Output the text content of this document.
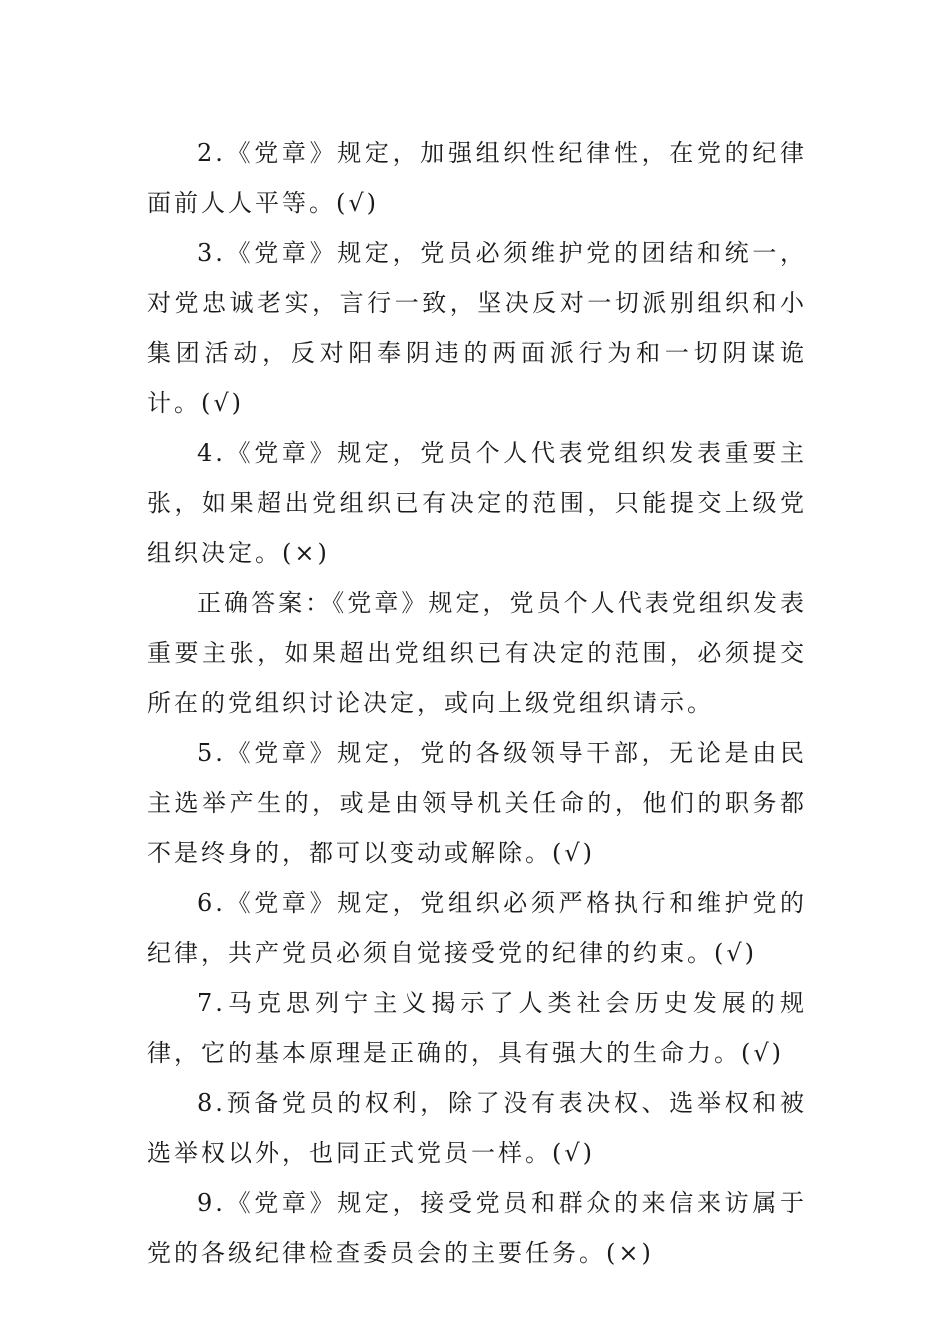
2.《党章》规定，加强组织性纪律性，在党的纪律面前人人平等。(√)

3.《党章》规定，党员必须维护党的团结和统一，对党忠诚老实，言行一致，坚决反对一切派别组织和小集团活动，反对阳奉阴违的两面派行为和一切阴谋诡计。(√)

4.《党章》规定，党员个人代表党组织发表重要主张，如果超出党组织已有决定的范围，只能提交上级党组织决定。(×)

正确答案：《党章》规定，党员个人代表党组织发表重要主张，如果超出党组织已有决定的范围，必须提交所在的党组织讨论决定，或向上级党组织请示。

5.《党章》规定，党的各级领导干部，无论是由民主选举产生的，或是由领导机关任命的，他们的职务都不是终身的，都可以变动或解除。(√)

6.《党章》规定，党组织必须严格执行和维护党的纪律，共产党员必须自觉接受党的纪律的约束。(√)

7.马克思列宁主义揭示了人类社会历史发展的规律，它的基本原理是正确的，具有强大的生命力。(√)

8.预备党员的权利，除了没有表决权、选举权和被选举权以外，也同正式党员一样。(√)

9.《党章》规定，接受党员和群众的来信来访属于党的各级纪律检查委员会的主要任务。(×)
